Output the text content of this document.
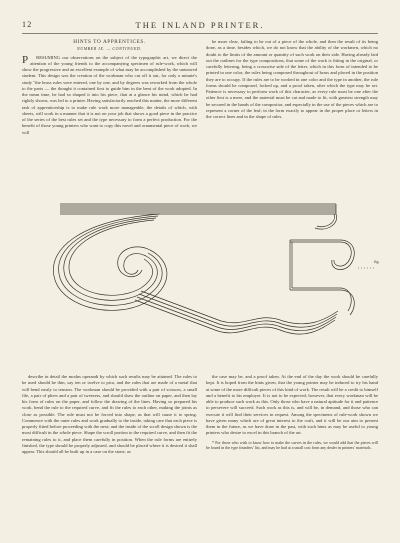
12	THE INLAND PRINTER.

HINTS TO APPRENTICES.

NUMBER IX. — CONTINUED.

P RESUMING our observations on the subject of the typographic art, we direct the attention of the young friends to the accompanying specimen of rule-work, which will show the progressive and an excellent example of what may be accomplished by the untutored student. This design was the creation of the workman who cut off it out, for only a minute's study "the brass rules were entered, one by one, and by degrees was reworked from the whole to the parts — the thought it contained first to guide him in the bent of the work adopted. In the mean time, he had so shaped it into his piece, that at a glance his mind, which he had rightly shown, was led to a printer. Having satisfactorily reached this matter, the more different task of apprenticeship is to make rule work more manageable, the details of which, with sheets, will work in a manner that it is not on your job that shows a good piece in the practice of the series of the best rules set and the type necessary to form a perfect production. For the benefit of those young printers who want to copy this novel and ornamental piece of work, we will

be more clear, failing to be out of a piece of the whole, and then the result of its being done, as a time, besides which, we do not know that the ability of the workmen, which no doubt to the limits of the amount or quantity of such work on their side. Having already laid out the outlines for the type compositions, that some of the work is fitting in the original, or carefully lettering, being a crosswise side of the letter, which in this form of intended to be printed in one color, the rules being composed throughout of brass and placed in the position they are to occupy. If the rules are to be worked in one color and the type in another, the rule forms should be composed, locked up, and a proof taken, after which the type may be set. Patience is necessary to perform work of this character, as every rule must be one after the other first is a mere, and the material must be cut and made to fit, with greatest strength may be secured in the hands of the compositor, and especially in the use of the pieces which are to represent a corner of the leaf; in the form exactly to appear in the proper place or letters in the correct lines and in the shape of rules.

fig.

describe in detail the modus operandi by which such results may be attained. The rules to be used should be thin, say ten or twelve to pica, and the rules that are made of a metal that will bend easily to tension. The workman should be provided with a pair of scissors, a small file, a pair of pliers and a pair of tweezers, and should draw the outline on paper, and then lay his form of rules on the paper, and follow the drawing of the lines. Having so prepared his work, bend the rule to the required curve, and fit the rules to each other, making the joints as close as possible. The rule must not be forced into shape, as that will cause it to spring. Commence with the outer rules and work gradually to the inside, taking care that each piece is properly fitted before proceeding with the next; and the inside of the scroll design shown is the most difficult in the whole piece. Shape the scroll portion to the required curve, and then fit the remaining rules to it, and place them carefully in position. When the rule forms are entirely finished, the type should be properly adjusted, and should be placed where it is desired it shall appear. This should all be built up in a case on the stone, as

the case may be, and a proof taken. At the end of the day the work should be carefully kept. It is hoped from the hints given, that the young printer may be induced to try his hand at some of the more difficult pieces of this kind of work. The result will be a credit to himself and a benefit to his employer. It is not to be expected, however, that every workman will be able to produce such work as this. Only those who have a natural aptitude for it and patience to persevere will succeed. Such work as this is, and will be, in demand, and those who can execute it will find their services in request. Among the specimens of rule-work shown we have given many which are of great interest to the craft, and it will be our aim to present them in the future, as we have done in the past, with such hints as may be useful to young printers who desire to excel in this branch of the art.

* For those who wish to know how to make the curves in the rules, we would add that the pieces will be found in the type founders' list, and may be had at a small cost from any dealer in printers' materials.
